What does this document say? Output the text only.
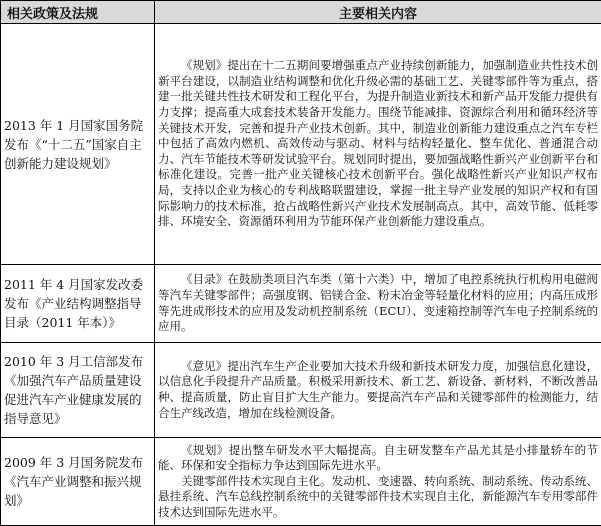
相关政策及法规	主要相关内容
2013 年 1 月国家国务院发布《“十二五”国家自主创新能力建设规划》	《规划》提出在十二五期间要增强重点产业持续创新能力，加强制造业共性技术创新平台建设，以制造业结构调整和优化升级必需的基础工艺、关键零部件等为重点，搭建一批关键共性技术研发和工程化平台，为提升制造业新技术和新产品开发能力提供有力支撑；提高重大成套技术装备开发能力。围绕节能减排、资源综合利用和循环经济等关键技术开发，完善和提升产业技术创新。其中，制造业创新能力建设重点之汽车专栏中包括了高效内燃机、高效传动与驱动、材料与结构轻量化、整车优化、普通混合动力、汽车节能技术等研发试验平台。规划同时提出，要加强战略性新兴产业创新平台和标准化建设。完善一批产业关键核心技术创新平台。强化战略性新兴产业知识产权布局，支持以企业为核心的专利战略联盟建设，掌握一批主导产业发展的知识产权和有国际影响力的技术标准，抢占战略性新兴产业技术发展制高点。其中，高效节能、低耗零排、环境安全、资源循环利用为节能环保产业创新能力建设重点。

2011 年 4 月国家发改委发布《产业结构调整指导目录（2011 年本）》	《目录》在鼓励类项目汽车类（第十六类）中，增加了电控系统执行机构用电磁阀等汽车关键零部件；高强度钢、铝镁合金、粉末冶金等轻量化材料的应用；内高压成形等先进成形技术的应用及发动机控制系统（ECU）、变速箱控制等汽车电子控制系统的应用。

2010 年 3 月工信部发布《加强汽车产品质量建设促进汽车产业健康发展的指导意见》	《意见》提出汽车生产企业要加大技术升级和新技术研发力度，加强信息化建设，以信息化手段提升产品质量。积极采用新技术、新工艺、新设备、新材料，不断改善品种、提高质量，防止盲目扩大生产能力。要提高汽车产品和关键零部件的检测能力，结合生产线改造，增加在线检测设备。

2009 年 3 月国务院发布《汽车产业调整和振兴规划》	《规划》提出整车研发水平大幅提高。自主研发整车产品尤其是小排量轿车的节能、环保和安全指标力争达到国际先进水平。

关键零部件技术实现自主化。发动机、变速器、转向系统、制动系统、传动系统、悬挂系统、汽车总线控制系统中的关键零部件技术实现自主化，新能源汽车专用零部件技术达到国际先进水平。
